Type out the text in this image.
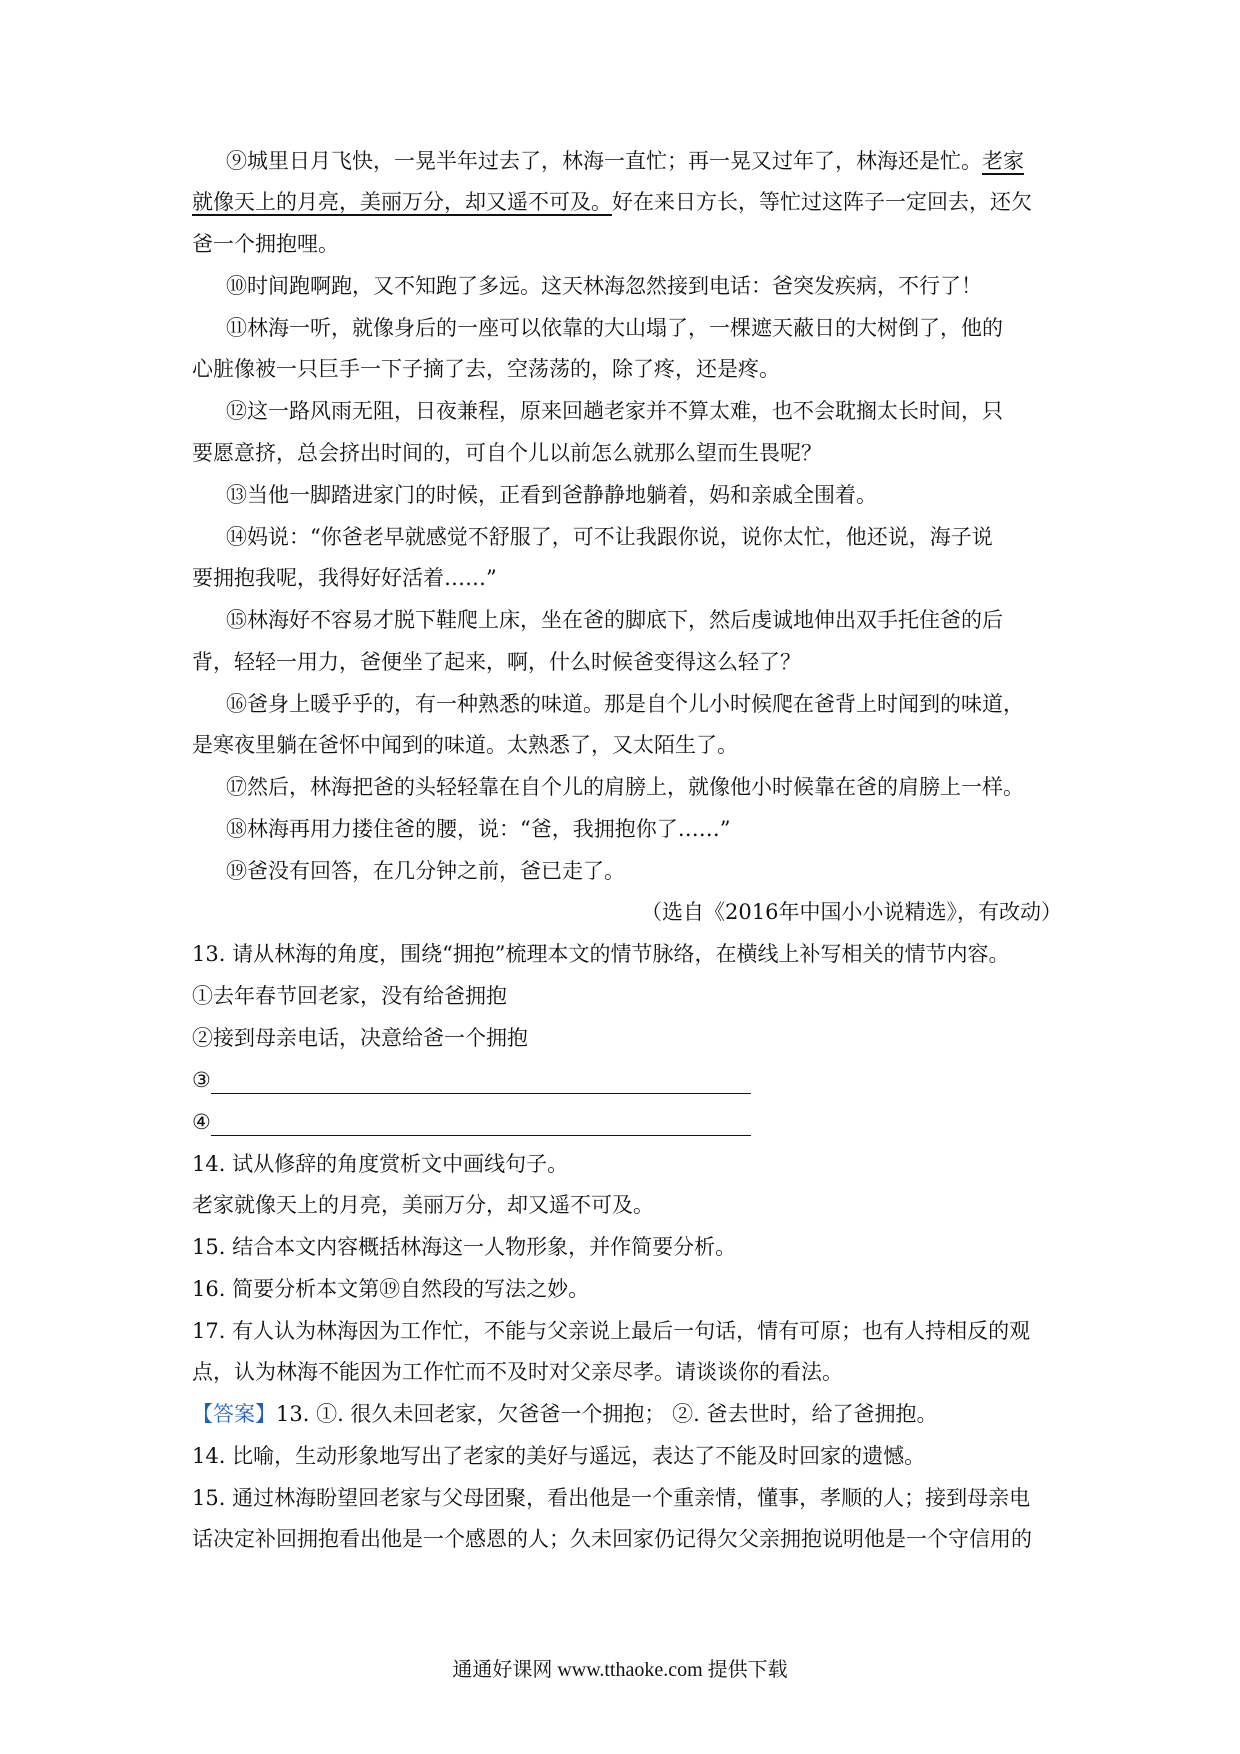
⑨城里日月飞快，一晃半年过去了，林海一直忙；再一晃又过年了，林海还是忙。老家
就像天上的月亮，美丽万分，却又遥不可及。好在来日方长，等忙过这阵子一定回去，还欠
爸一个拥抱哩。
⑩时间跑啊跑，又不知跑了多远。这天林海忽然接到电话：爸突发疾病，不行了！
⑪林海一听，就像身后的一座可以依靠的大山塌了，一棵遮天蔽日的大树倒了，他的
心脏像被一只巨手一下子摘了去，空荡荡的，除了疼，还是疼。
⑫这一路风雨无阻，日夜兼程，原来回趟老家并不算太难，也不会耽搁太长时间，只
要愿意挤，总会挤出时间的，可自个儿以前怎么就那么望而生畏呢？
⑬当他一脚踏进家门的时候，正看到爸静静地躺着，妈和亲戚全围着。
⑭妈说：“你爸老早就感觉不舒服了，可不让我跟你说，说你太忙，他还说，海子说
要拥抱我呢，我得好好活着……”
⑮林海好不容易才脱下鞋爬上床，坐在爸的脚底下，然后虔诚地伸出双手托住爸的后
背，轻轻一用力，爸便坐了起来，啊，什么时候爸变得这么轻了？
⑯爸身上暖乎乎的，有一种熟悉的味道。那是自个儿小时候爬在爸背上时闻到的味道，
是寒夜里躺在爸怀中闻到的味道。太熟悉了，又太陌生了。
⑰然后，林海把爸的头轻轻靠在自个儿的肩膀上，就像他小时候靠在爸的肩膀上一样。
⑱林海再用力搂住爸的腰，说：“爸，我拥抱你了……”
⑲爸没有回答，在几分钟之前，爸已走了。
（选自《2016年中国小小说精选》，有改动）
13. 请从林海的角度，围绕“拥抱”梳理本文的情节脉络，在横线上补写相关的情节内容。
①去年春节回老家，没有给爸拥抱
②接到母亲电话，决意给爸一个拥抱
③
④
14. 试从修辞的角度赏析文中画线句子。
老家就像天上的月亮，美丽万分，却又遥不可及。
15. 结合本文内容概括林海这一人物形象，并作简要分析。
16. 简要分析本文第⑲自然段的写法之妙。
17. 有人认为林海因为工作忙，不能与父亲说上最后一句话，情有可原；也有人持相反的观
点，认为林海不能因为工作忙而不及时对父亲尽孝。请谈谈你的看法。
【答案】13. ①. 很久未回老家，欠爸爸一个拥抱； ②. 爸去世时，给了爸拥抱。
14. 比喻，生动形象地写出了老家的美好与遥远，表达了不能及时回家的遗憾。
15. 通过林海盼望回老家与父母团聚，看出他是一个重亲情，懂事，孝顺的人；接到母亲电
话决定补回拥抱看出他是一个感恩的人；久未回家仍记得欠父亲拥抱说明他是一个守信用的
通通好课网 www.tthaoke.com 提供下载
